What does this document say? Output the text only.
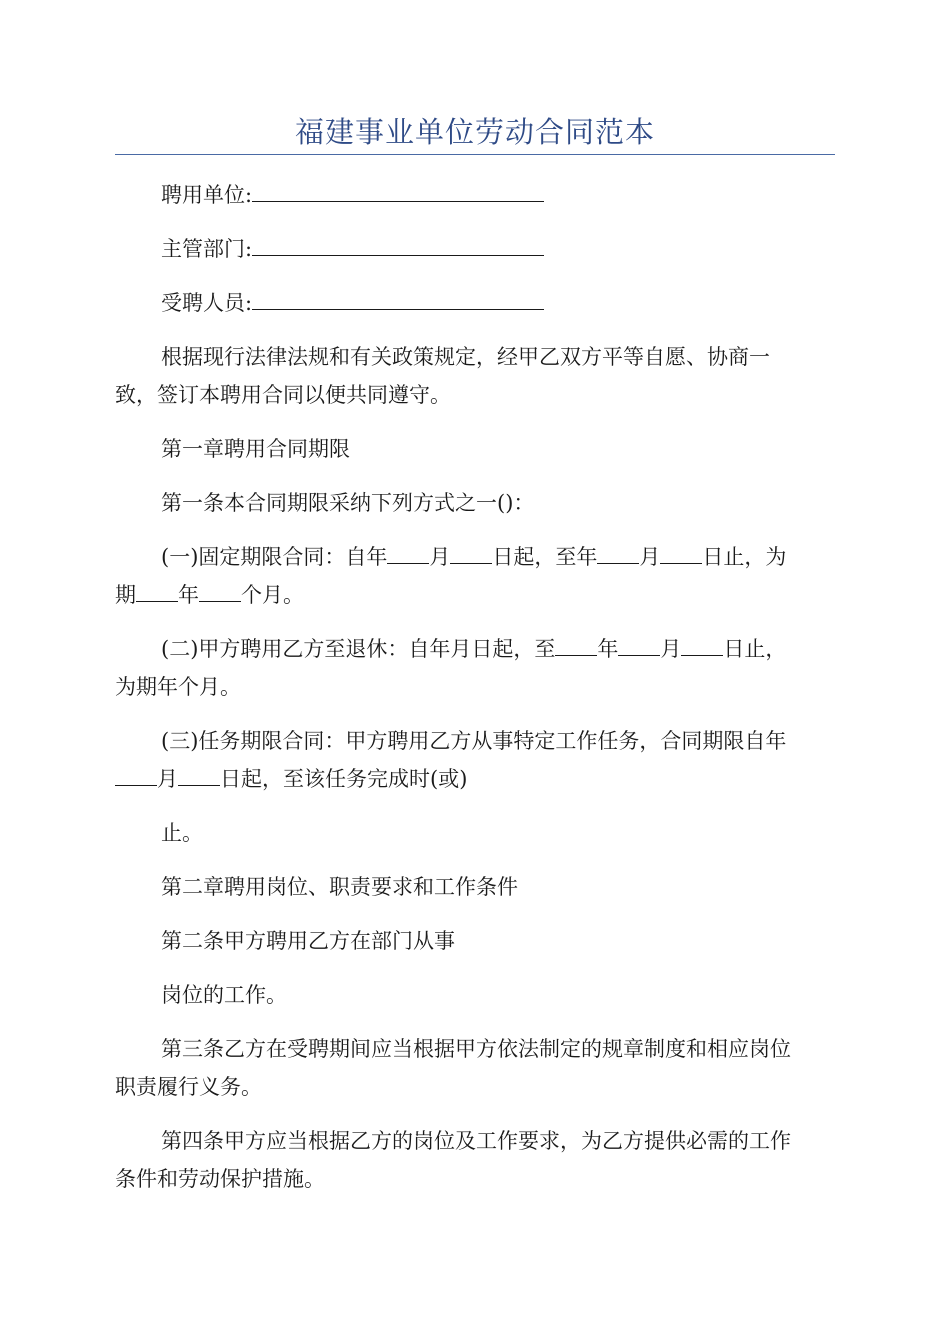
福建事业单位劳动合同范本
聘用单位:
主管部门:
受聘人员:
根据现行法律法规和有关政策规定，经甲乙双方平等自愿、协商一
致，签订本聘用合同以便共同遵守。
第一章聘用合同期限
第一条本合同期限采纳下列方式之一()：
(一)固定期限合同：自年 月 日起，至年 月 日止，为
期 年 个月。
(二)甲方聘用乙方至退休：自年月日起，至 年 月 日止，
为期年个月。
(三)任务期限合同：甲方聘用乙方从事特定工作任务，合同期限自年
月 日起，至该任务完成时(或)
止。
第二章聘用岗位、职责要求和工作条件
第二条甲方聘用乙方在部门从事
岗位的工作。
第三条乙方在受聘期间应当根据甲方依法制定的规章制度和相应岗位
职责履行义务。
第四条甲方应当根据乙方的岗位及工作要求，为乙方提供必需的工作
条件和劳动保护措施。
